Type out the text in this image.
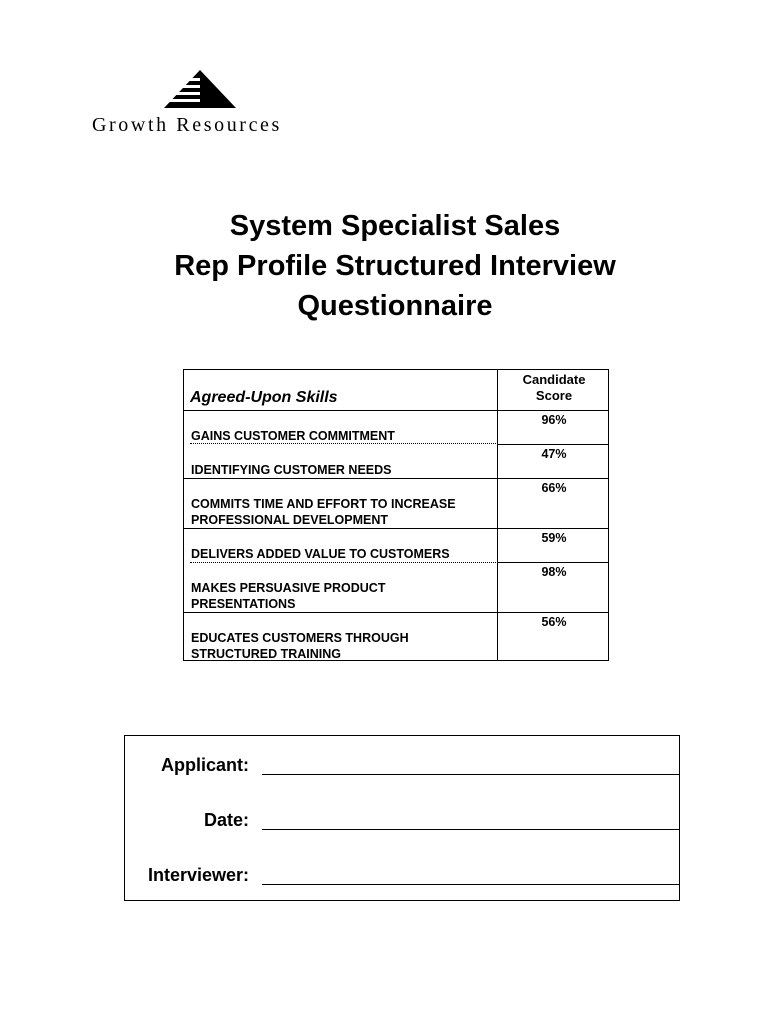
Growth Resources
System Specialist Sales
Rep Profile Structured Interview
Questionnaire
Agreed-Upon Skills
Candidate Score
96%
GAINS CUSTOMER COMMITMENT
47%
IDENTIFYING CUSTOMER NEEDS
66%
COMMITS TIME AND EFFORT TO INCREASE PROFESSIONAL DEVELOPMENT
59%
DELIVERS ADDED VALUE TO CUSTOMERS
98%
MAKES PERSUASIVE PRODUCT PRESENTATIONS
56%
EDUCATES CUSTOMERS THROUGH STRUCTURED TRAINING
Applicant:
Date:
Interviewer:
